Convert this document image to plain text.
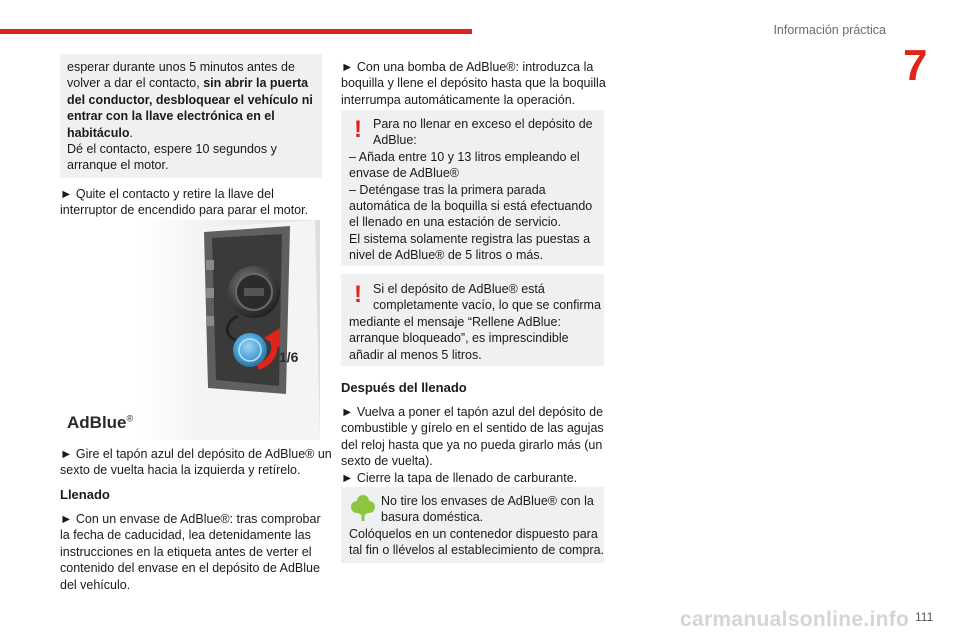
Información práctica
7
esperar durante unos 5 minutos antes de
volver a dar el contacto, sin abrir la puerta
del conductor, desbloquear el vehículo ni
entrar con la llave electrónica en el
habitáculo.
Dé el contacto, espere 10 segundos y
arranque el motor.
► Quite el contacto y retire la llave del
interruptor de encendido para parar el motor.
1/6
AdBlue®
► Gire el tapón azul del depósito de AdBlue® un
sexto de vuelta hacia la izquierda y retírelo.
Llenado
► Con un envase de AdBlue®: tras comprobar
la fecha de caducidad, lea detenidamente las
instrucciones en la etiqueta antes de verter el
contenido del envase en el depósito de AdBlue
del vehículo.
► Con una bomba de AdBlue®: introduzca la
boquilla y llene el depósito hasta que la boquilla
interrumpa automáticamente la operación.
! Para no llenar en exceso el depósito de
AdBlue:
– Añada entre 10 y 13 litros empleando el
envase de AdBlue®
– Deténgase tras la primera parada
automática de la boquilla si está efectuando
el llenado en una estación de servicio.
El sistema solamente registra las puestas a
nivel de AdBlue® de 5 litros o más.
! Si el depósito de AdBlue® está
completamente vacío, lo que se confirma
mediante el mensaje “Rellene AdBlue:
arranque bloqueado”, es imprescindible
añadir al menos 5 litros.
Después del llenado
► Vuelva a poner el tapón azul del depósito de
combustible y gírelo en el sentido de las agujas
del reloj hasta que ya no pueda girarlo más (un
sexto de vuelta).
► Cierre la tapa de llenado de carburante.
No tire los envases de AdBlue® con la
basura doméstica.
Colóquelos en un contenedor dispuesto para
tal fin o llévelos al establecimiento de compra.
carmanualsonline.info 111
